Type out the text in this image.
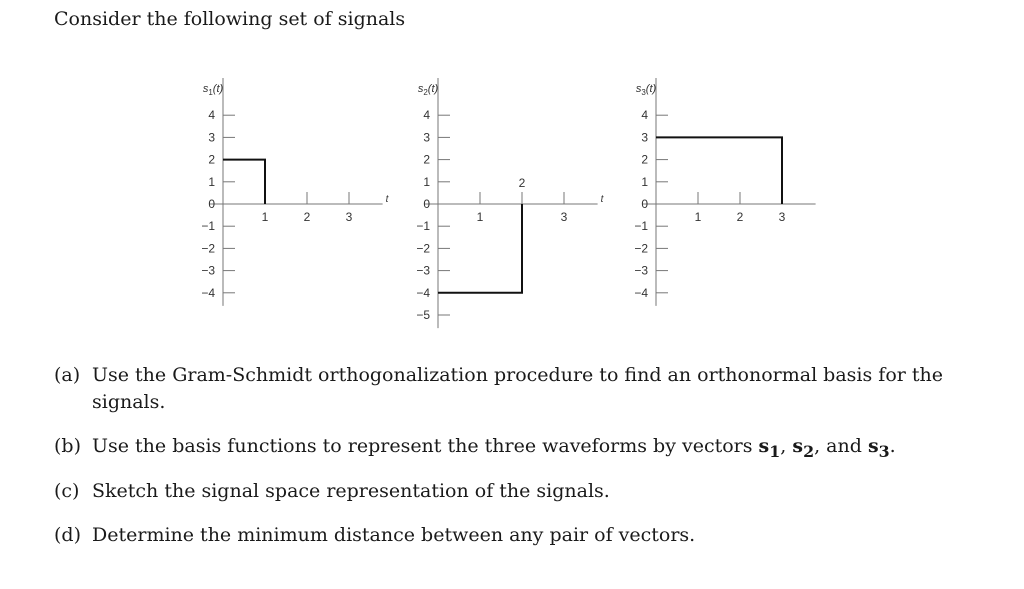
Consider the following set of signals
$s_1(t)$
t
4
3
2
1
0
−1
−2
−3
−4
1	2	3
$s_2(t)$
t
4
3
2
1
0
−1
−2
−3
−4
−5
1
2
3
$s_3(t)$
4
3
2
1
0
−1
−2
−3
−4
1	2	3
(a) Use the Gram-Schmidt orthogonalization procedure to find an orthonormal basis for the
signals.
(b) Use the basis functions to represent the three waveforms by vectors $s_1$, $s_2$, and $s_3$.
(c) Sketch the signal space representation of the signals.
(d) Determine the minimum distance between any pair of vectors.
